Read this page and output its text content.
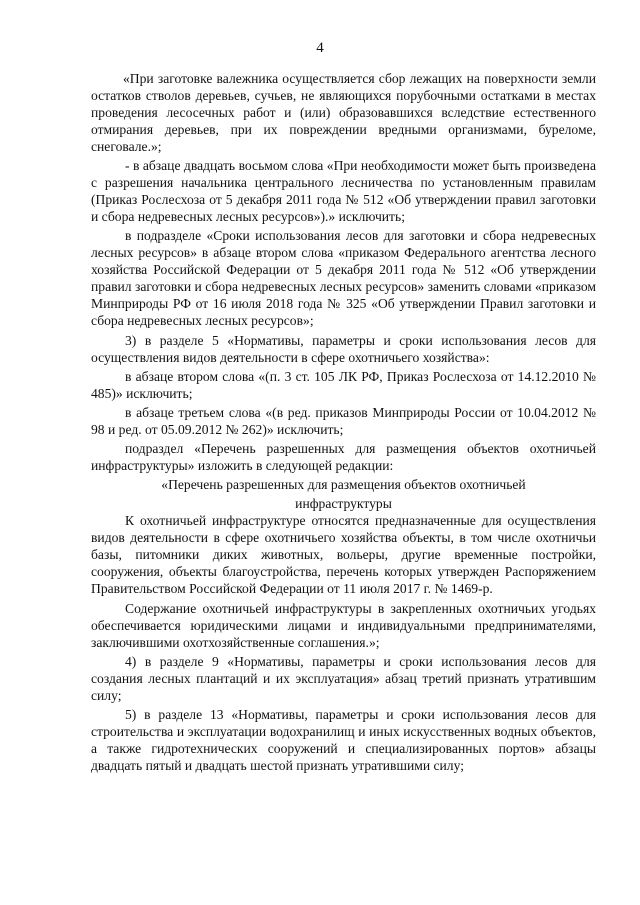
4

«При заготовке валежника осуществляется сбор лежащих на поверхности земли остатков стволов деревьев, сучьев, не являющихся порубочными остатками в местах проведения лесосечных работ и (или) образовавшихся вследствие естественного отмирания деревьев, при их повреждении вредными организмами, буреломе, снеговале.»;

- в абзаце двадцать восьмом слова «При необходимости может быть произведена с разрешения начальника центрального лесничества по установленным правилам (Приказ Рослесхоза от 5 декабря 2011 года № 512 «Об утверждении правил заготовки и сбора недревесных лесных ресурсов»).» исключить;

в подразделе «Сроки использования лесов для заготовки и сбора недревесных лесных ресурсов» в абзаце втором слова «приказом Федерального агентства лесного хозяйства Российской Федерации от 5 декабря 2011 года № 512 «Об утверждении правил заготовки и сбора недревесных лесных ресурсов» заменить словами «приказом Минприроды РФ от 16 июля 2018 года № 325 «Об утверждении Правил заготовки и сбора недревесных лесных ресурсов»;

3) в разделе 5 «Нормативы, параметры и сроки использования лесов для осуществления видов деятельности в сфере охотничьего хозяйства»:

в абзаце втором слова «(п. 3 ст. 105 ЛК РФ, Приказ Рослесхоза от 14.12.2010 № 485)» исключить;

в абзаце третьем слова «(в ред. приказов Минприроды России от 10.04.2012 № 98 и ред. от 05.09.2012 № 262)» исключить;

подраздел «Перечень разрешенных для размещения объектов охотничьей инфраструктуры» изложить в следующей редакции:

«Перечень разрешенных для размещения объектов охотничьей

инфраструктуры

К охотничьей инфраструктуре относятся предназначенные для осуществления видов деятельности в сфере охотничьего хозяйства объекты, в том числе охотничьи базы, питомники диких животных, вольеры, другие временные постройки, сооружения, объекты благоустройства, перечень которых утвержден Распоряжением Правительством Российской Федерации от 11 июля 2017 г. № 1469-р.

Содержание охотничьей инфраструктуры в закрепленных охотничьих угодьях обеспечивается юридическими лицами и индивидуальными предпринимателями, заключившими охотхозяйственные соглашения.»;

4) в разделе 9 «Нормативы, параметры и сроки использования лесов для создания лесных плантаций и их эксплуатация» абзац третий признать утратившим силу;

5) в разделе 13 «Нормативы, параметры и сроки использования лесов для строительства и эксплуатации водохранилищ и иных искусственных водных объектов, а также гидротехнических сооружений и специализированных портов» абзацы двадцать пятый и двадцать шестой признать утратившими силу;
